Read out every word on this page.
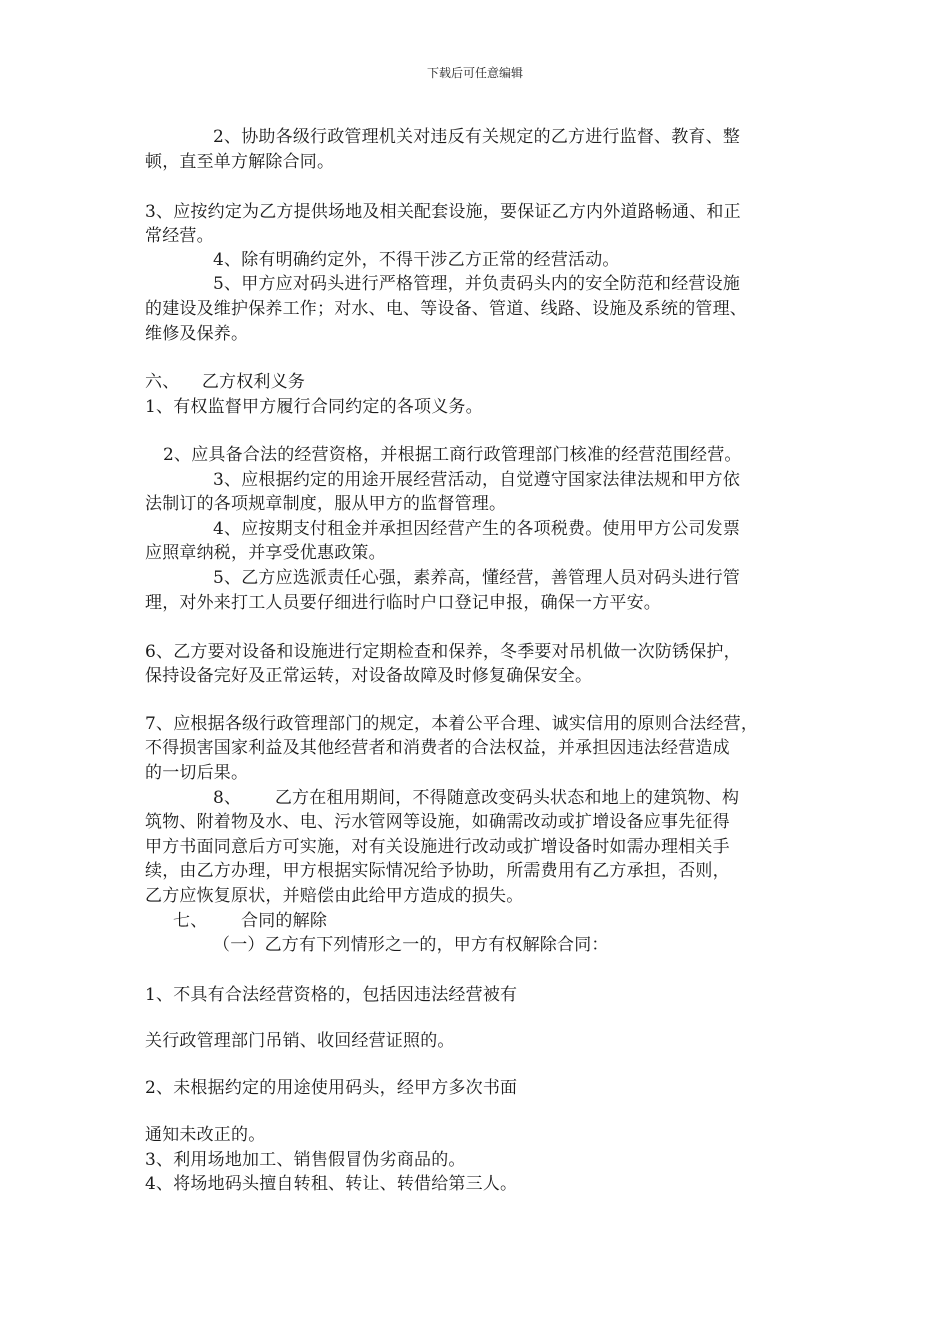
下载后可任意编辑
2、协助各级行政管理机关对违反有关规定的乙方进行监督、教育、整
顿，直至单方解除合同。
3、应按约定为乙方提供场地及相关配套设施，要保证乙方内外道路畅通、和正
常经营。
4、除有明确约定外，不得干涉乙方正常的经营活动。
5、甲方应对码头进行严格管理，并负责码头内的安全防范和经营设施
的建设及维护保养工作；对水、电、等设备、管道、线路、设施及系统的管理、
维修及保养。
六、    乙方权利义务
1、有权监督甲方履行合同约定的各项义务。
2、应具备合法的经营资格，并根据工商行政管理部门核准的经营范围经营。
3、应根据约定的用途开展经营活动，自觉遵守国家法律法规和甲方依
法制订的各项规章制度，服从甲方的监督管理。
4、应按期支付租金并承担因经营产生的各项税费。使用甲方公司发票
应照章纳税，并享受优惠政策。
5、乙方应选派责任心强，素养高，懂经营，善管理人员对码头进行管
理，对外来打工人员要仔细进行临时户口登记申报，确保一方平安。
6、乙方要对设备和设施进行定期检查和保养，冬季要对吊机做一次防锈保护，
保持设备完好及正常运转，对设备故障及时修复确保安全。
7、应根据各级行政管理部门的规定，本着公平合理、诚实信用的原则合法经营，
不得损害国家利益及其他经营者和消费者的合法权益，并承担因违法经营造成
的一切后果。
8、      乙方在租用期间，不得随意改变码头状态和地上的建筑物、构
筑物、附着物及水、电、污水管网等设施，如确需改动或扩增设备应事先征得
甲方书面同意后方可实施，对有关设施进行改动或扩增设备时如需办理相关手
续，由乙方办理，甲方根据实际情况给予协助，所需费用有乙方承担，否则，
乙方应恢复原状，并赔偿由此给甲方造成的损失。
七、      合同的解除
（一）乙方有下列情形之一的，甲方有权解除合同：
1、不具有合法经营资格的，包括因违法经营被有
关行政管理部门吊销、收回经营证照的。
2、未根据约定的用途使用码头，经甲方多次书面
通知未改正的。
3、利用场地加工、销售假冒伪劣商品的。
4、将场地码头擅自转租、转让、转借给第三人。
